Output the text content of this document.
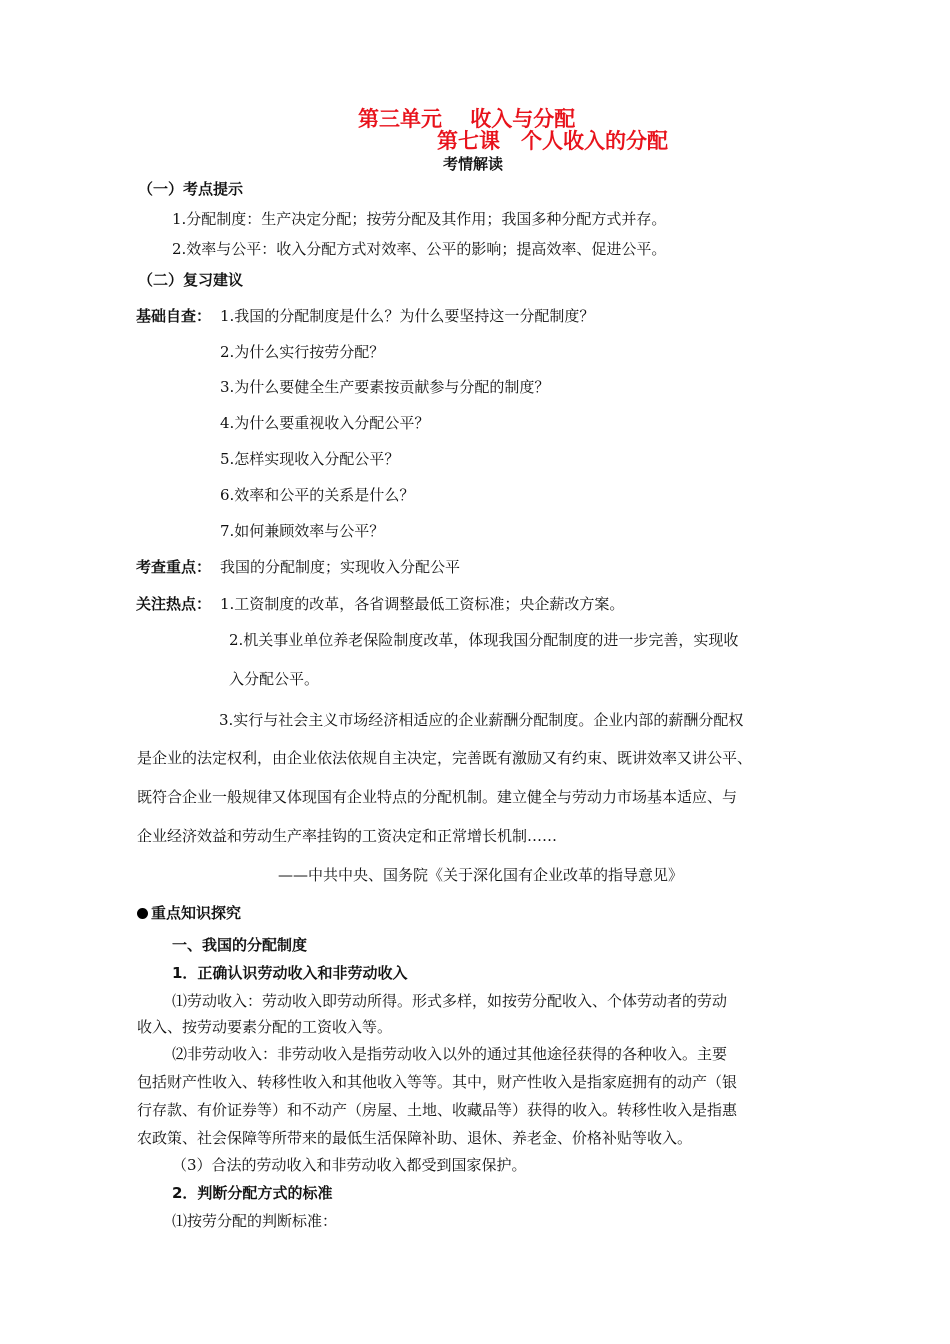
第三单元　 收入与分配
第七课　个人收入的分配
考情解读
（一）考点提示
1.分配制度：生产决定分配；按劳分配及其作用；我国多种分配方式并存。
2.效率与公平：收入分配方式对效率、公平的影响；提高效率、促进公平。
（二）复习建议
基础自查： 1.我国的分配制度是什么？为什么要坚持这一分配制度？
2.为什么实行按劳分配？
3.为什么要健全生产要素按贡献参与分配的制度？
4.为什么要重视收入分配公平？
5.怎样实现收入分配公平？
6.效率和公平的关系是什么？
7.如何兼顾效率与公平？
考查重点： 我国的分配制度；实现收入分配公平
关注热点： 1.工资制度的改革，各省调整最低工资标准；央企薪改方案。
2.机关事业单位养老保险制度改革，体现我国分配制度的进一步完善，实现收
入分配公平。
3.实行与社会主义市场经济相适应的企业薪酬分配制度。企业内部的薪酬分配权
是企业的法定权利，由企业依法依规自主决定，完善既有激励又有约束、既讲效率又讲公平、
既符合企业一般规律又体现国有企业特点的分配机制。建立健全与劳动力市场基本适应、与
企业经济效益和劳动生产率挂钩的工资决定和正常增长机制……
——中共中央、国务院《关于深化国有企业改革的指导意见》
重点知识探究
一、我国的分配制度
1．正确认识劳动收入和非劳动收入
⑴劳动收入：劳动收入即劳动所得。形式多样，如按劳分配收入、个体劳动者的劳动
收入、按劳动要素分配的工资收入等。
⑵非劳动收入：非劳动收入是指劳动收入以外的通过其他途径获得的各种收入。主要
包括财产性收入、转移性收入和其他收入等等。其中，财产性收入是指家庭拥有的动产（银
行存款、有价证券等）和不动产（房屋、土地、收藏品等）获得的收入。转移性收入是指惠
农政策、社会保障等所带来的最低生活保障补助、退休、养老金、价格补贴等收入。
（3）合法的劳动收入和非劳动收入都受到国家保护。
2．判断分配方式的标准
⑴按劳分配的判断标准：
